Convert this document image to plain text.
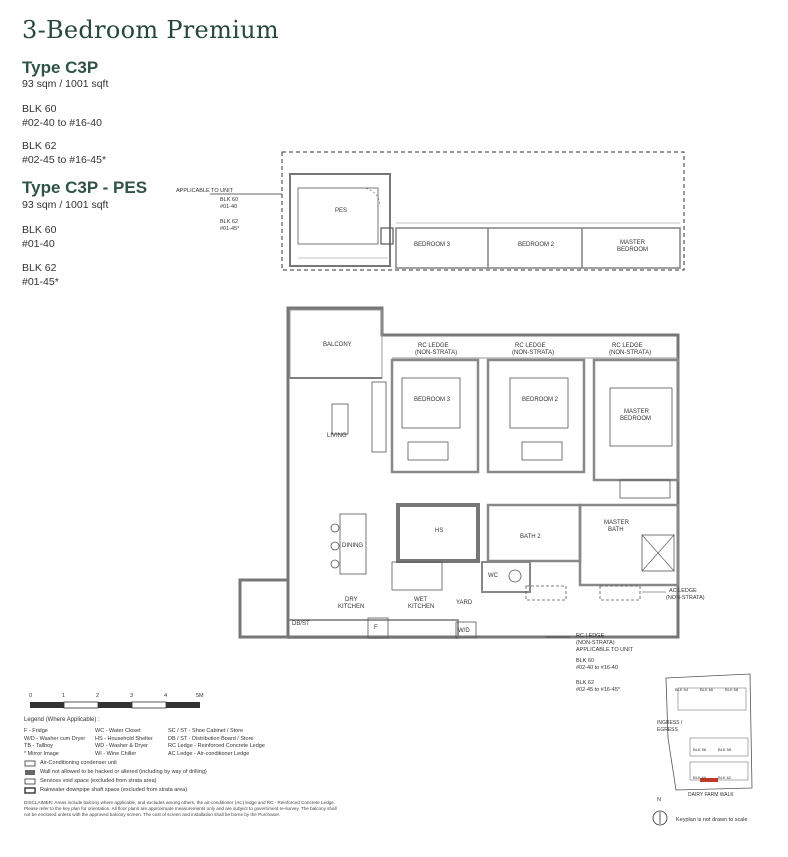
3-Bedroom Premium
Type C3P
93 sqm / 1001 sqft
BLK 60
#02-40 to #16-40
BLK 62
#02-45 to #16-45*
Type C3P - PES
93 sqm / 1001 sqft
BLK 60
#01-40
BLK 62
#01-45*
APPLICABLE TO UNIT
BLK 60
#01-40
BLK 62
#01-45*
PES
BEDROOM 3	BEDROOM 2	MASTER
BEDROOM
BALCONY	RC LEDGE
(NON-STRATA)
RC LEDGE
(NON-STRATA)
RC LEDGE
(NON-STRATA)
LIVING
BEDROOM 3	BEDROOM 2
MASTER
BEDROOM
HS
BATH 2
MASTER
BATH
DINING
DRY
KITCHEN
WET
KITCHEN
YARD
WC
W/D
DB/ST
F
AC LEDGE
(NON-STRATA)
RC LEDGE
(NON-STRATA)
APPLICABLE TO UNIT
BLK 60
#02-40 to #16-40
BLK 62
#02-45 to #16-45*
0	1	2	3	4	5M
Legend (Where Applicable) :
F - Fridge
W/D - Washer cum Dryer
TB - Tallboy
* Mirror Image
WC - Water Closet
HS - Household Shelter
WD - Washer & Dryer
WI - Wine Chiller
SC / ST - Shoe Cabinet / Store
DB / ST - Distribution Board / Store
RC Ledge - Reinforced Concrete Ledge
AC Ledge - Air-conditioner Ledge
Air-Conditioning condenser unit
Wall not allowed to be hacked or altered (including by way of drilling)
Services void space (excluded from strata area)
Rainwater downpipe shaft space (excluded from strata area)
DISCLAIMER: Areas include balcony where applicable, and excludes among others, the air-conditioner (AC) ledge and RC - Reinforced Concrete Ledge. Please refer to the key plan for orientation. All floor plans are approximate measurements only and are subject to government re-survey. The balcony shall not be enclosed unless with the approved balcony screen. The cost of screen and installation shall be borne by the Purchaser.
BLK 64	BLK 66	BLK 68
INGRESS /
EGRESS
BLK 56	BLK 58
BLK 60	BLK 62
DAIRY FARM WALK
N
Keyplan is not drawn to scale
